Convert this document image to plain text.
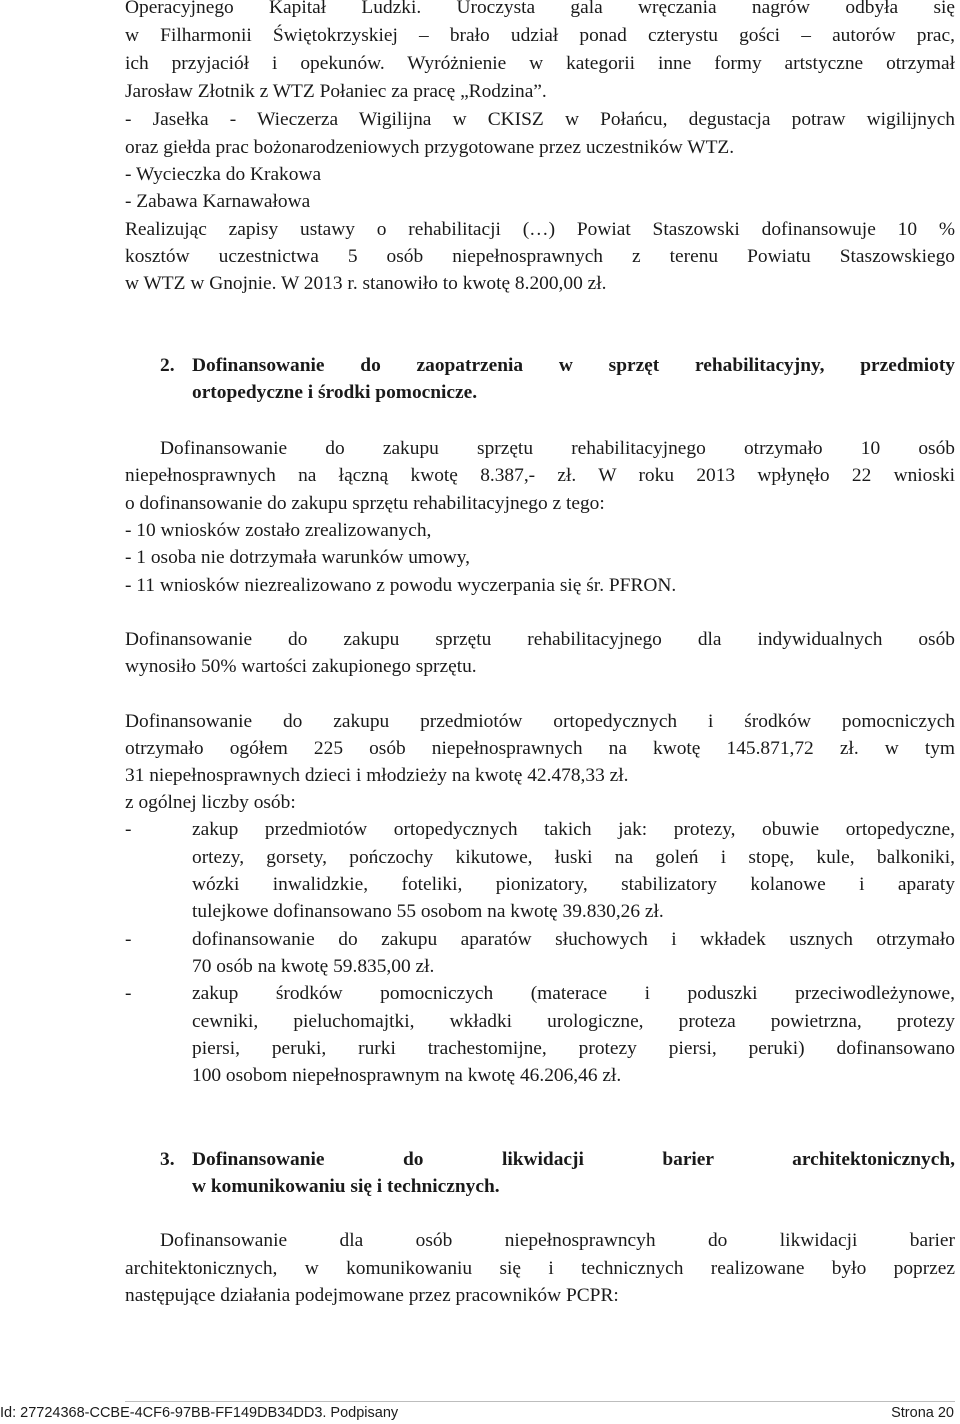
Operacyjnego Kapitał Ludzki. Uroczysta gala wręczania nagrów odbyła się
w Filharmonii Świętokrzyskiej – brało udział ponad czterystu gości – autorów prac,
ich przyjaciół i opekunów. Wyróżnienie w kategorii inne formy artstyczne otrzymał
Jarosław Złotnik z WTZ Połaniec za pracę „Rodzina”.
- Jasełka - Wieczerza Wigilijna w CKISZ w Połańcu, degustacja potraw wigilijnych
oraz giełda prac bożonarodzeniowych przygotowane przez uczestników WTZ.
- Wycieczka do Krakowa
- Zabawa Karnawałowa
Realizując zapisy ustawy o rehabilitacji (…) Powiat Staszowski dofinansowuje 10 %
kosztów uczestnictwa 5 osób niepełnosprawnych z terenu Powiatu Staszowskiego
w WTZ w Gnojnie. W 2013 r. stanowiło to kwotę 8.200,00 zł.
2. Dofinansowanie do zaopatrzenia w sprzęt rehabilitacyjny, przedmioty
ortopedyczne i środki pomocnicze.
Dofinansowanie do zakupu sprzętu rehabilitacyjnego otrzymało 10 osób
niepełnosprawnych na łączną kwotę 8.387,- zł. W roku 2013 wpłynęło 22 wnioski
o dofinansowanie do zakupu sprzętu rehabilitacyjnego z tego:
- 10 wniosków zostało zrealizowanych,
- 1 osoba nie dotrzymała warunków umowy,
- 11 wniosków niezrealizowano z powodu wyczerpania się śr. PFRON.
Dofinansowanie do zakupu sprzętu rehabilitacyjnego dla indywidualnych osób
wynosiło 50% wartości zakupionego sprzętu.
Dofinansowanie do zakupu przedmiotów ortopedycznych i środków pomocniczych
otrzymało ogółem 225 osób niepełnosprawnych na kwotę 145.871,72 zł. w tym
31 niepełnosprawnych dzieci i młodzieży na kwotę 42.478,33 zł.
z ogólnej liczby osób:
-	zakup przedmiotów ortopedycznych takich jak: protezy, obuwie ortopedyczne,
ortezy, gorsety, pończochy kikutowe, łuski na goleń i stopę, kule, balkoniki,
wózki inwalidzkie, foteliki, pionizatory, stabilizatory kolanowe i aparaty
tulejkowe dofinansowano 55 osobom na kwotę 39.830,26 zł.
-	dofinansowanie do zakupu aparatów słuchowych i wkładek usznych otrzymało
70 osób na kwotę 59.835,00 zł.
-	zakup środków pomocniczych (materace i poduszki przeciwodleżynowe,
cewniki, pieluchomajtki, wkładki urologiczne, proteza powietrzna, protezy
piersi, peruki, rurki trachestomijne, protezy piersi, peruki) dofinansowano
100 osobom niepełnosprawnym na kwotę 46.206,46 zł.
3. Dofinansowanie do likwidacji barier architektonicznych,
w komunikowaniu się i technicznych.
Dofinansowanie dla osób niepełnosprawncyh do likwidacji barier
architektonicznych, w komunikowaniu się i technicznych realizowane było poprzez
następujące działania podejmowane przez pracowników PCPR:
Id: 27724368-CCBE-4CF6-97BB-FF149DB34DD3. Podpisany	Strona 20
